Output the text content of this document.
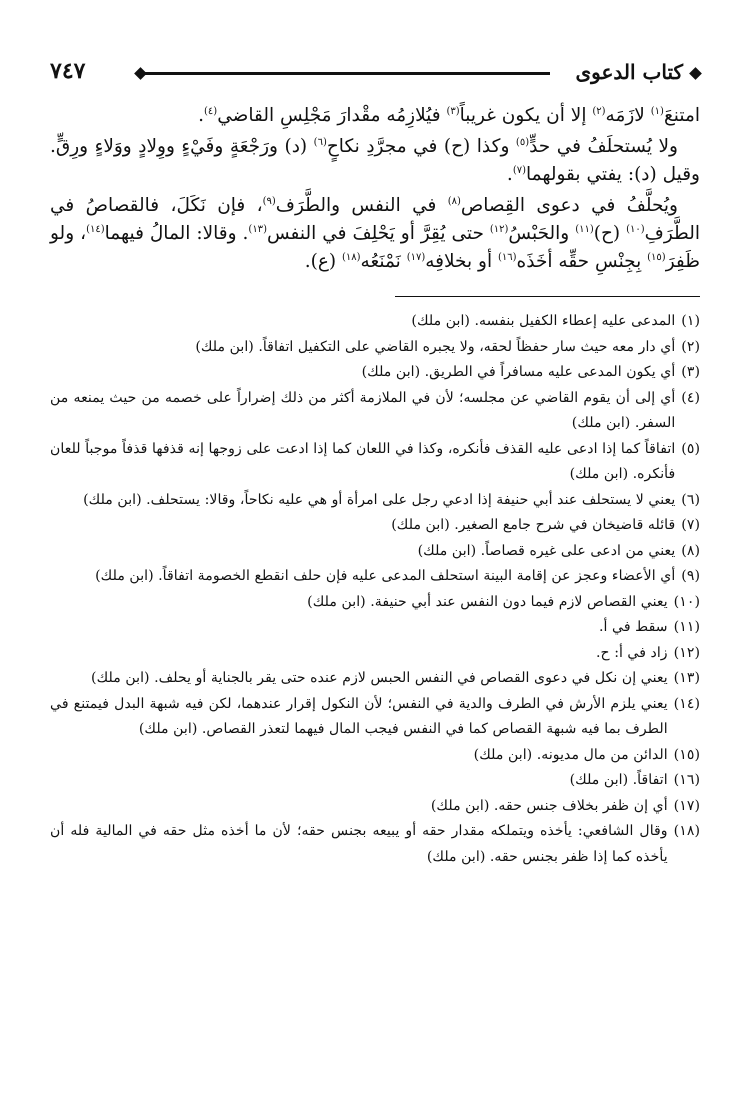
كتاب الدعوى
٧٤٧

امتنعَ$^{(١)}$ لازَمَه$^{(٢)}$ إلا أن يكون غريباً$^{(٣)}$ فيُلازِمُه مقْدارَ مَجْلِسِ القاضي$^{(٤)}$.

ولا يُستحلَفُ في حدٍّ$^{(٥)}$ وكذا (ح) في مجرَّدِ نكاحٍ$^{(٦)}$ (د) ورَجْعَةٍ وفَيْءٍ ووِلادٍ ووَلاءٍ ورِقٍّ. وقيل (د): يفتي بقولهما$^{(٧)}$.

ويُحلَّفُ في دعوى القِصاص$^{(٨)}$ في النفس والطَّرَف$^{(٩)}$، فإن نَكَلَ، فالقصاصُ في الطَّرَفِ$^{(١٠)}$ (ح)$^{(١١)}$ والحَبْسُ$^{(١٢)}$ حتى يُقِرَّ أو يَحْلِفَ في النفس$^{(١٣)}$. وقالا: المالُ فيهما$^{(١٤)}$، ولو ظَفِرَ$^{(١٥)}$ بِجِنْسِ حقِّه أخَذَه$^{(١٦)}$ أو بخلافِه$^{(١٧)}$ نَمْنَعُه$^{(١٨)}$ (ع).

(١)
المدعى عليه إعطاء الكفيل بنفسه. (ابن ملك)
(٢)
أي دار معه حيث سار حفظاً لحقه، ولا يجبره القاضي على التكفيل اتفاقاً. (ابن ملك)
(٣)
أي يكون المدعى عليه مسافراً في الطريق. (ابن ملك)
(٤)
أي إلى أن يقوم القاضي عن مجلسه؛ لأن في الملازمة أكثر من ذلك إضراراً على خصمه من حيث يمنعه من السفر. (ابن ملك)
(٥)
اتفاقاً كما إذا ادعى عليه القذف فأنكره، وكذا في اللعان كما إذا ادعت على زوجها إنه قذفها قذفاً موجباً للعان فأنكره. (ابن ملك)
(٦)
يعني لا يستحلف عند أبي حنيفة إذا ادعي رجل على امرأة أو هي عليه نكاحاً، وقالا: يستحلف. (ابن ملك)
(٧)
قائله قاضيخان في شرح جامع الصغير. (ابن ملك)
(٨)
يعني من ادعى على غيره قصاصاً. (ابن ملك)
(٩)
أي الأعضاء وعجز عن إقامة البينة استحلف المدعى عليه فإن حلف انقطع الخصومة اتفاقاً. (ابن ملك)
(١٠)
يعني القصاص لازم فيما دون النفس عند أبي حنيفة. (ابن ملك)
(١١)
سقط في أ.
(١٢)
زاد في أ: ح.
(١٣)
يعني إن نكل في دعوى القصاص في النفس الحبس لازم عنده حتى يقر بالجناية أو يحلف. (ابن ملك)
(١٤)
يعني يلزم الأرش في الطرف والدية في النفس؛ لأن النكول إقرار عندهما، لكن فيه شبهة البدل فيمتنع في الطرف بما فيه شبهة القصاص كما في النفس فيجب المال فيهما لتعذر القصاص. (ابن ملك)
(١٥)
الدائن من مال مديونه. (ابن ملك)
(١٦)
اتفاقاً. (ابن ملك)
(١٧)
أي إن ظفر بخلاف جنس حقه. (ابن ملك)
(١٨)
وقال الشافعي: يأخذه ويتملكه مقدار حقه أو يبيعه بجنس حقه؛ لأن ما أخذه مثل حقه في المالية فله أن يأخذه كما إذا ظفر بجنس حقه. (ابن ملك)
